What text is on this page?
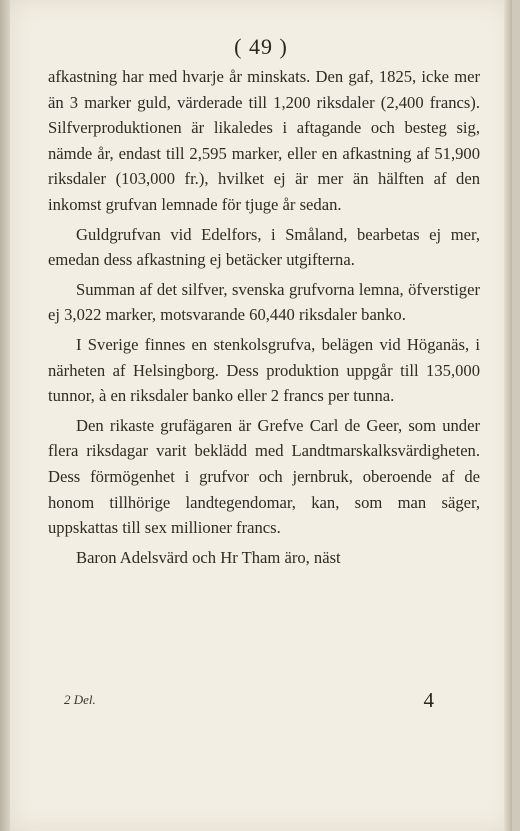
( 49 )

afkastning har med hvarje år minskats. Den gaf, 1825, icke mer än 3 marker guld, värderade till 1,200 riksdaler (2,400 francs). Silfverproduktionen är likaledes i aftagande och besteg sig, nämde år, endast till 2,595 marker, eller en afkastning af 51,900 riksdaler (103,000 fr.), hvilket ej är mer än hälften af den inkomst grufvan lemnade för tjuge år sedan.

Guldgrufvan vid Edelfors, i Småland, bearbetas ej mer, emedan dess afkastning ej betäcker utgifterna.

Summan af det silfver, svenska grufvorna lemna, öfverstiger ej 3,022 marker, motsvarande 60,440 riksdaler banko.

I Sverige finnes en stenkolsgrufva, belägen vid Höganäs, i närheten af Helsingborg. Dess produktion uppgår till 135,000 tunnor, à en riksdaler banko eller 2 francs per tunna.

Den rikaste grufägaren är Grefve Carl de Geer, som under flera riksdagar varit beklädd med Landtmarskalksvärdigheten. Dess förmögenhet i grufvor och jernbruk, oberoende af de honom tillhörige landtegendomar, kan, som man säger, uppskattas till sex millioner francs.

Baron Adelsvärd och Hr Tham äro, näst

2 Del.	4
